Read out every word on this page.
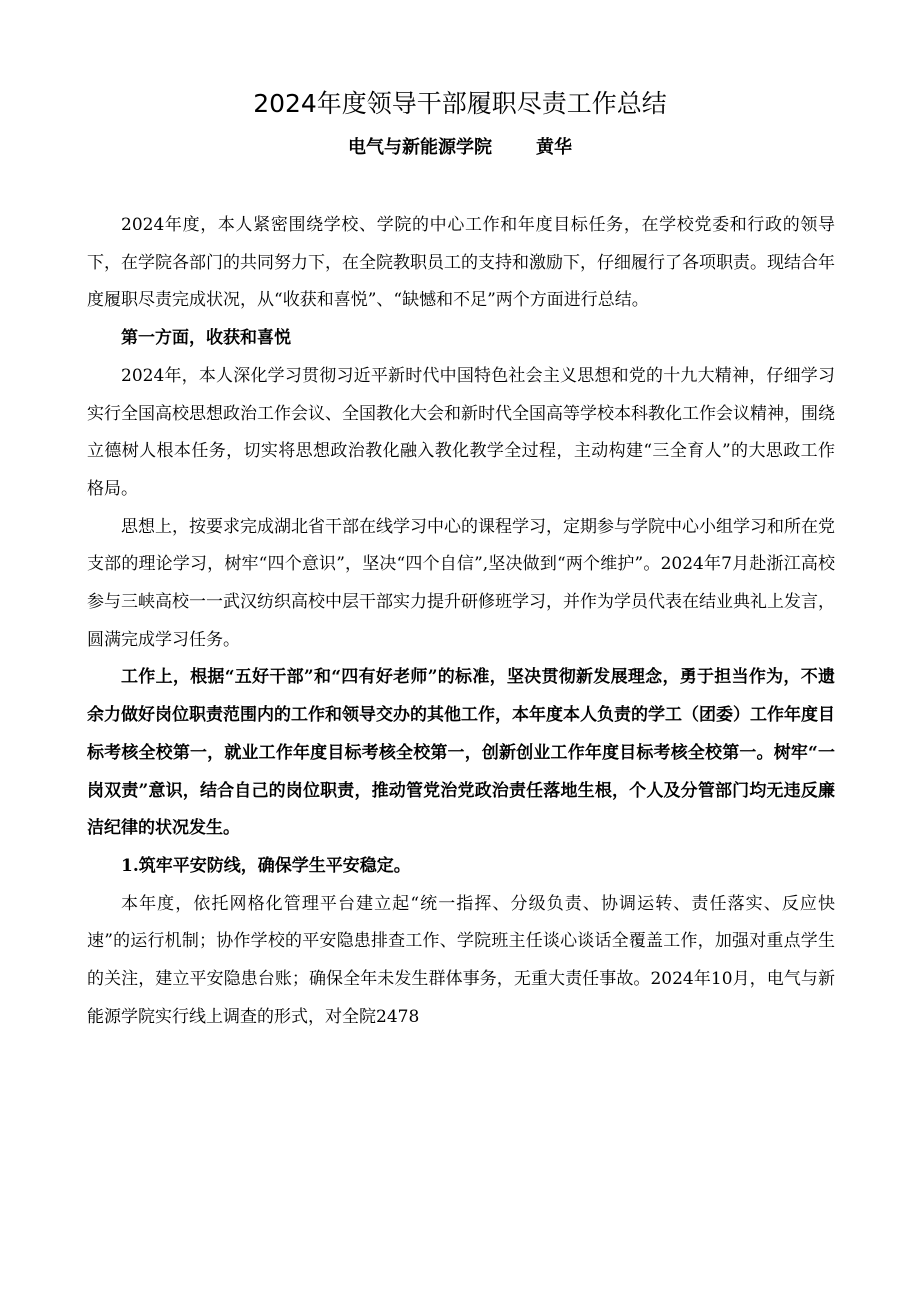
2024年度领导干部履职尽责工作总结
电气与新能源学院 黄华

2024年度，本人紧密围绕学校、学院的中心工作和年度目标任务，在学校党委和行政的领导下，在学院各部门的共同努力下，在全院教职员工的支持和激励下，仔细履行了各项职责。现结合年度履职尽责完成状况，从“收获和喜悦”、“缺憾和不足”两个方面进行总结。

第一方面，收获和喜悦

2024年，本人深化学习贯彻习近平新时代中国特色社会主义思想和党的十九大精神，仔细学习实行全国高校思想政治工作会议、全国教化大会和新时代全国高等学校本科教化工作会议精神，围绕立德树人根本任务，切实将思想政治教化融入教化教学全过程，主动构建“三全育人”的大思政工作格局。

思想上，按要求完成湖北省干部在线学习中心的课程学习，定期参与学院中心小组学习和所在党支部的理论学习，树牢“四个意识”，坚决“四个自信”,坚决做到“两个维护”。2024年7月赴浙江高校参与三峡高校一一武汉纺织高校中层干部实力提升研修班学习，并作为学员代表在结业典礼上发言，圆满完成学习任务。

工作上，根据“五好干部”和“四有好老师”的标准，坚决贯彻新发展理念，勇于担当作为，不遗余力做好岗位职责范围内的工作和领导交办的其他工作，本年度本人负责的学工（团委）工作年度目标考核全校第一，就业工作年度目标考核全校第一，创新创业工作年度目标考核全校第一。树牢“一岗双责”意识，结合自己的岗位职责，推动管党治党政治责任落地生根，个人及分管部门均无违反廉洁纪律的状况发生。

1.筑牢平安防线，确保学生平安稳定。

本年度，依托网格化管理平台建立起“统一指挥、分级负责、协调运转、责任落实、反应快速”的运行机制；协作学校的平安隐患排查工作、学院班主任谈心谈话全覆盖工作，加强对重点学生的关注，建立平安隐患台账；确保全年未发生群体事务，无重大责任事故。2024年10月，电气与新能源学院实行线上调查的形式，对全院2478
